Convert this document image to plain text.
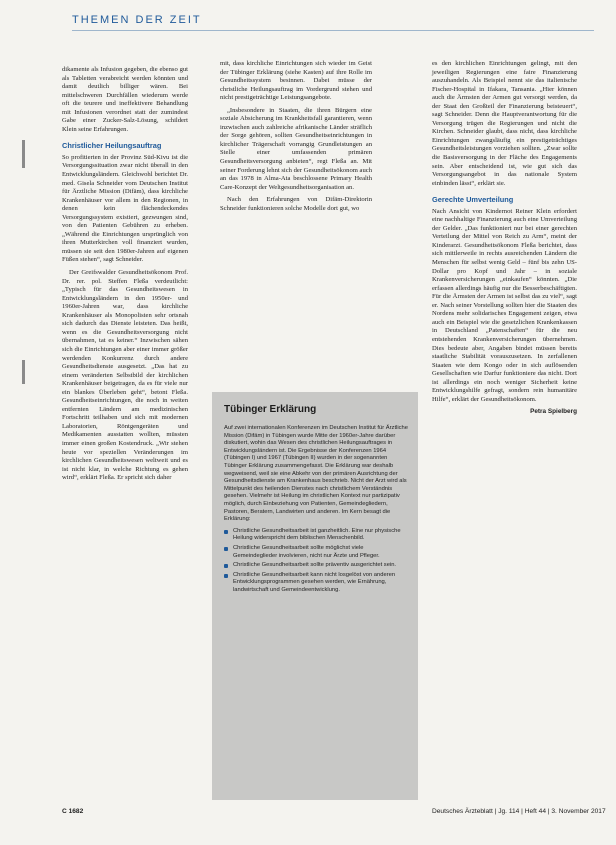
THEMEN DER ZEIT

dikamente als Infusion gegeben, die ebenso gut als Tabletten verabreicht werden könnten und damit deutlich billiger wären. Bei mittelschweren Durchfällen wiederum werde oft die teurere und ineffektivere Behandlung mit Infusionen verordnet statt der zumindest Gabe einer Zucker-Salz-Lösung, schildert Klein seine Erfahrungen.

Christlicher Heilungsauftrag

So profitierten in der Provinz Süd-Kivu ist die Versorgungssituation zwar nicht überall in den Entwicklungsländern. Gleichwohl berichtet Dr. med. Gisela Schneider vom Deutschen Institut für Ärztliche Mission (Difäm), dass kirchliche Krankenhäuser vor allem in den Regionen, in denen kein flächendeckendes Versorgungssystem existiert, gezwungen sind, von den Patienten Gebühren zu erheben. „Während die Einrichtungen ursprünglich von ihren Mutterkirchen voll finanziert wurden, müssen sie seit den 1980er-Jahren auf eigenen Füßen stehen“, sagt Schneider.

Der Greifswalder Gesundheitsökonom Prof. Dr. rer. pol. Steffen Fleßa verdeutlicht: „Typisch für das Gesundheitswesen in Entwicklungsländern in den 1950er- und 1960er-Jahren war, dass kirchliche Krankenhäuser als Monopolisten sehr ortsnah sich dadurch das Dienste leisteten. Das heißt, wenn es die Gesundheitsversorgung nicht übernahmen, tat es keiner.“ Inzwischen sähen sich die Einrichtungen aber einer immer größer werdenden Konkurrenz durch andere Gesundheitsdienste ausgesetzt. „Das hat zu einem veränderten Selbstbild der kirchlichen Krankenhäuser beigetragen, da es für viele nur ein blankes Überleben geht“, betont Fleßa. Gesundheitseinrichtungen, die noch in weiten entfernten Ländern am medizinischen Fortschritt teilhaben und sich mit modernen Laboratorien, Röntgengeräten und Medikamenten ausstatten wollten, müssten immer einen großen Kostendruck. „Wir stehen heute vor speziellen Veränderungen im kirchlichen Gesundheitswesen weltweit und es ist nicht klar, in welche Richtung es gehen wird“, erklärt Fleßa. Er spricht sich daher

mit, dass kirchliche Einrichtungen sich wieder im Geist der Tübinger Erklärung (siehe Kasten) auf ihre Rolle im Gesundheitssystem besinnen. Dabei müsse der christliche Heilungsauftrag im Vordergrund stehen und nicht prestigeträchtige Leistungsangebote.

„Insbesondere in Staaten, die ihren Bürgern eine soziale Absicherung im Krankheitsfall garantieren, wenn inzwischen auch zahlreiche afrikanische Länder sträflich der Sorge gehören, sollten Gesundheitseinrichtungen in kirchlicher Trägerschaft vorrangig Grundleistungen an Stelle einer umfassenden primären Gesundheitsversorgung anbieten“, regt Fleßa an. Mit seiner Forderung lehnt sich der Gesundheitsökonom auch an das 1978 in Alma-Ata beschlossene Primary Health Care-Konzept der Weltgesundheitsorganisation an.

Nach den Erfahrungen von Difäm-Direktorin Schneider funktionieren solche Modelle dort gut, wo

Tübinger Erklärung

Auf zwei internationalen Konferenzen im Deutschen Institut für Ärztliche Mission (Difäm) in Tübingen wurde Mitte der 1960er-Jahre darüber diskutiert, wohin das Wesen des christlichen Heilungsauftrages in Entwicklungsländern ist. Die Ergebnisse der Konferenzen 1964 (Tübingen I) und 1967 (Tübingen II) wurden in der sogenannten Tübinger Erklärung zusammengefasst. Die Erklärung war deshalb wegweisend, weil sie eine Abkehr von der primären Ausrichtung der Gesundheitsdienste am Krankenhaus beschrieb. Nicht der Arzt wird als Mittelpunkt des heilenden Dienstes nach christlichem Verständnis gesehen. Vielmehr ist Heilung im christlichen Kontext nur partizipativ möglich, durch Einbeziehung von Patienten, Gemeindegliedern, Pastoren, Beratern, Landwirten und anderen. Im Kern besagt die Erklärung:

Christliche Gesundheitsarbeit ist ganzheitlich. Eine nur physische Heilung widerspricht dem biblischen Menschenbild.
Christliche Gesundheitsarbeit sollte möglichst viele Gemeindeglieder involvieren, nicht nur Ärzte und Pfleger.
Christliche Gesundheitsarbeit sollte präventiv ausgerichtet sein.
Christliche Gesundheitsarbeit kann nicht losgelöst von anderen Entwicklungsprogrammen gesehen werden, wie Ernährung, landwirtschaft und Gemeindeentwicklung.

es den kirchlichen Einrichtungen gelingt, mit den jeweiligen Regierungen eine faire Finanzierung auszuhandeln. Als Beispiel nennt sie das italienische Fischer-Hospital in Ifakara, Tansania. „Hier können auch die Ärmsten der Armen gut versorgt werden, da der Staat den Großteil der Finanzierung beisteuert“, sagt Schneider. Denn die Hauptverantwortung für die Versorgung trügen die Regierungen und nicht die Kirchen. Schneider glaubt, dass nicht, dass kirchliche Einrichtungen zwangsläufig ein prestigeträchtiges Gesundheitsleistungen vorziehen sollten. „Zwar sollte die Basisversorgung in der Fläche des Engagements sein. Aber entscheidend ist, wie gut sich das Versorgungsangebot in das nationale System einbinden lässt“, erklärt sie.

Gerechte Umverteilung

Nach Ansicht von Kindernot Reiner Klein erfordert eine nachhaltige Finanzierung auch eine Umverteilung der Gelder. „Das funktioniert nur bei einer gerechten Verteilung der Mittel von Reich zu Arm“, meint der Kinderarzt. Gesundheitsökonom Fleßa berichtet, dass sich mittlerweile in rechts ausreichenden Ländern die Menschen für selbst wenig Geld – fünf bis zehn US-Dollar pro Kopf und Jahr – in soziale Krankenversicherungen „einkaufen“ könnten. „Die erfassen allerdings häufig nur die Besserbeschäftigten. Für die Ärmsten der Armen ist selbst das zu viel“, sagt er. Nach seiner Vorstellung sollten hier die Staaten des Nordens mehr solidarisches Engagement zeigen, etwa auch ein Beispiel wie die gesetzlichen Krankenkassen in Deutschland „Patenschaften“ für die neu entstehenden Krankenversicherungen übernehmen. Dies bedeute aber, Angaben bindet müssen bereits staatliche Stabilität vorauszusetzen. In zerfallenen Staaten wie dem Kongo oder in sich auflösenden Gesellschaften wie Darfur funktioniere das nicht. Dort ist allerdings ein noch weniger Sicherheit keine Entwicklungshilfe gefragt, sondern rein humanitäre Hilfe“, erklärt der Gesundheitsökonom.

Petra Spielberg
C 1682	Deutsches Ärzteblatt | Jg. 114 | Heft 44 | 3. November 2017
